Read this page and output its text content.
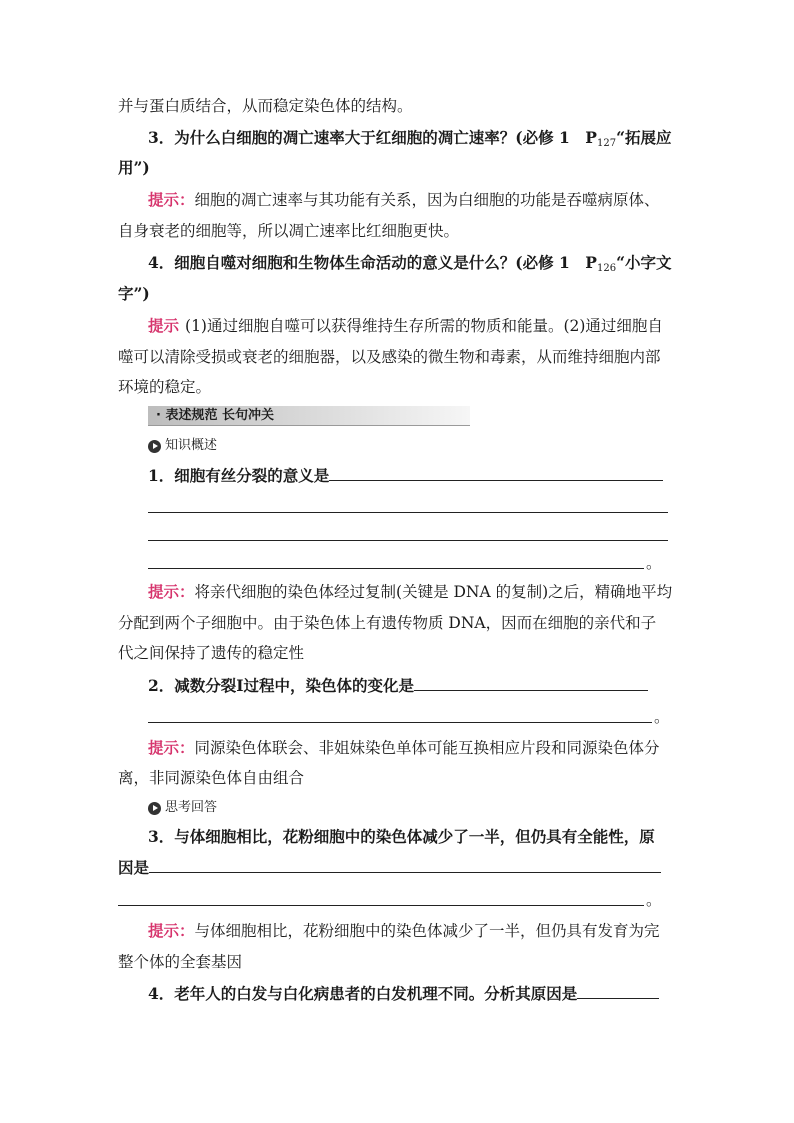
并与蛋白质结合，从而稳定染色体的结构。
3．为什么白细胞的凋亡速率大于红细胞的凋亡速率？(必修 1　$P_{127}“$拓展应
用”)
提示：细胞的凋亡速率与其功能有关系，因为白细胞的功能是吞噬病原体、
自身衰老的细胞等，所以凋亡速率比红细胞更快。
4．细胞自噬对细胞和生物体生命活动的意义是什么？(必修 1　$P_{126}“$小字文
字”)
提示 (1)通过细胞自噬可以获得维持生存所需的物质和能量。(2)通过细胞自
噬可以清除受损或衰老的细胞器，以及感染的微生物和毒素，从而维持细胞内部
环境的稳定。
· 表述规范 长句冲关
知识概述
1．细胞有丝分裂的意义是
。
提示：将亲代细胞的染色体经过复制(关键是 DNA 的复制)之后，精确地平均
分配到两个子细胞中。由于染色体上有遗传物质 DNA，因而在细胞的亲代和子
代之间保持了遗传的稳定性
2．减数分裂Ⅰ过程中，染色体的变化是
。
提示：同源染色体联会、非姐妹染色单体可能互换相应片段和同源染色体分
离，非同源染色体自由组合
思考回答
3．与体细胞相比，花粉细胞中的染色体减少了一半，但仍具有全能性，原
因是
。
提示：与体细胞相比，花粉细胞中的染色体减少了一半，但仍具有发育为完
整个体的全套基因
4．老年人的白发与白化病患者的白发机理不同。分析其原因是
